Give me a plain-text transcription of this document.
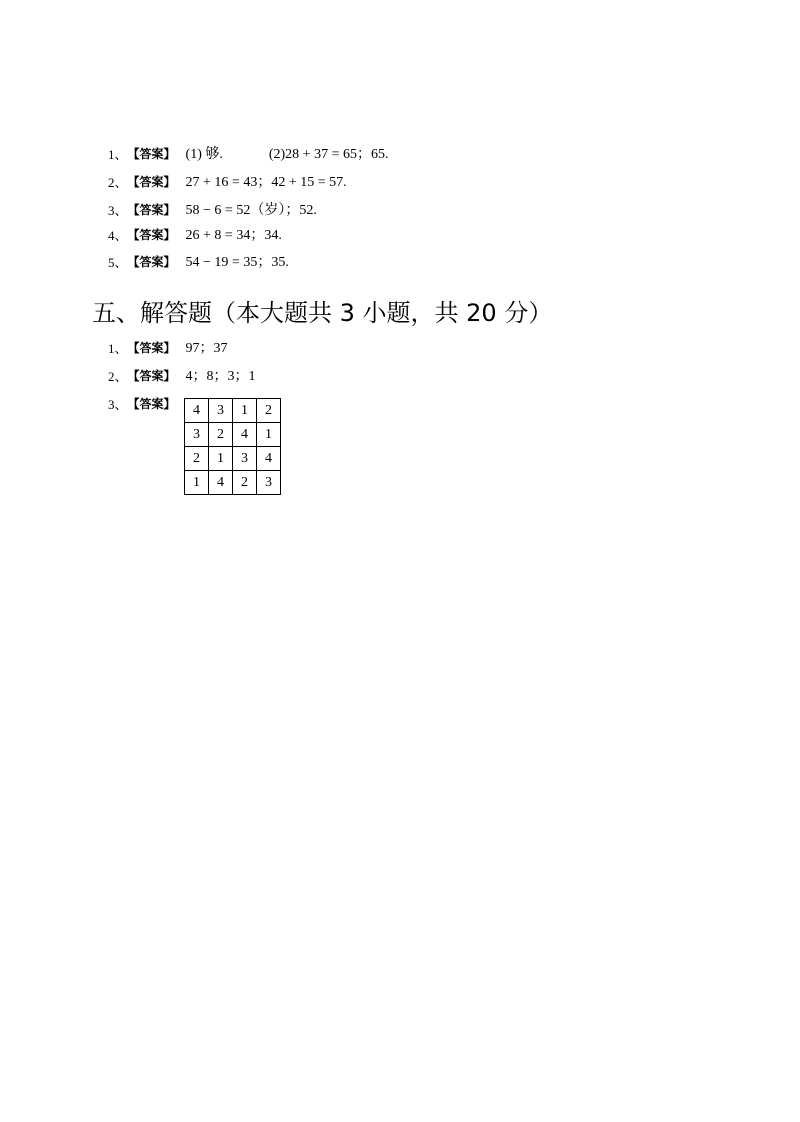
1、 【答案】 (1) 够.	(2)28 + 37 = 65；65.
2、 【答案】 27 + 16 = 43；42 + 15 = 57.
3、 【答案】 58 − 6 = 52（岁）；52.
4、 【答案】 26 + 8 = 34；34.
5、 【答案】 54 − 19 = 35；35.
五、解答题（本大题共 3 小题，共 20 分）
1、 【答案】 97；37
2、 【答案】 4；8；3；1
3、 【答案】 4	3	1	2
3	2	4	1
2	1	3	4
1	4	2	3
